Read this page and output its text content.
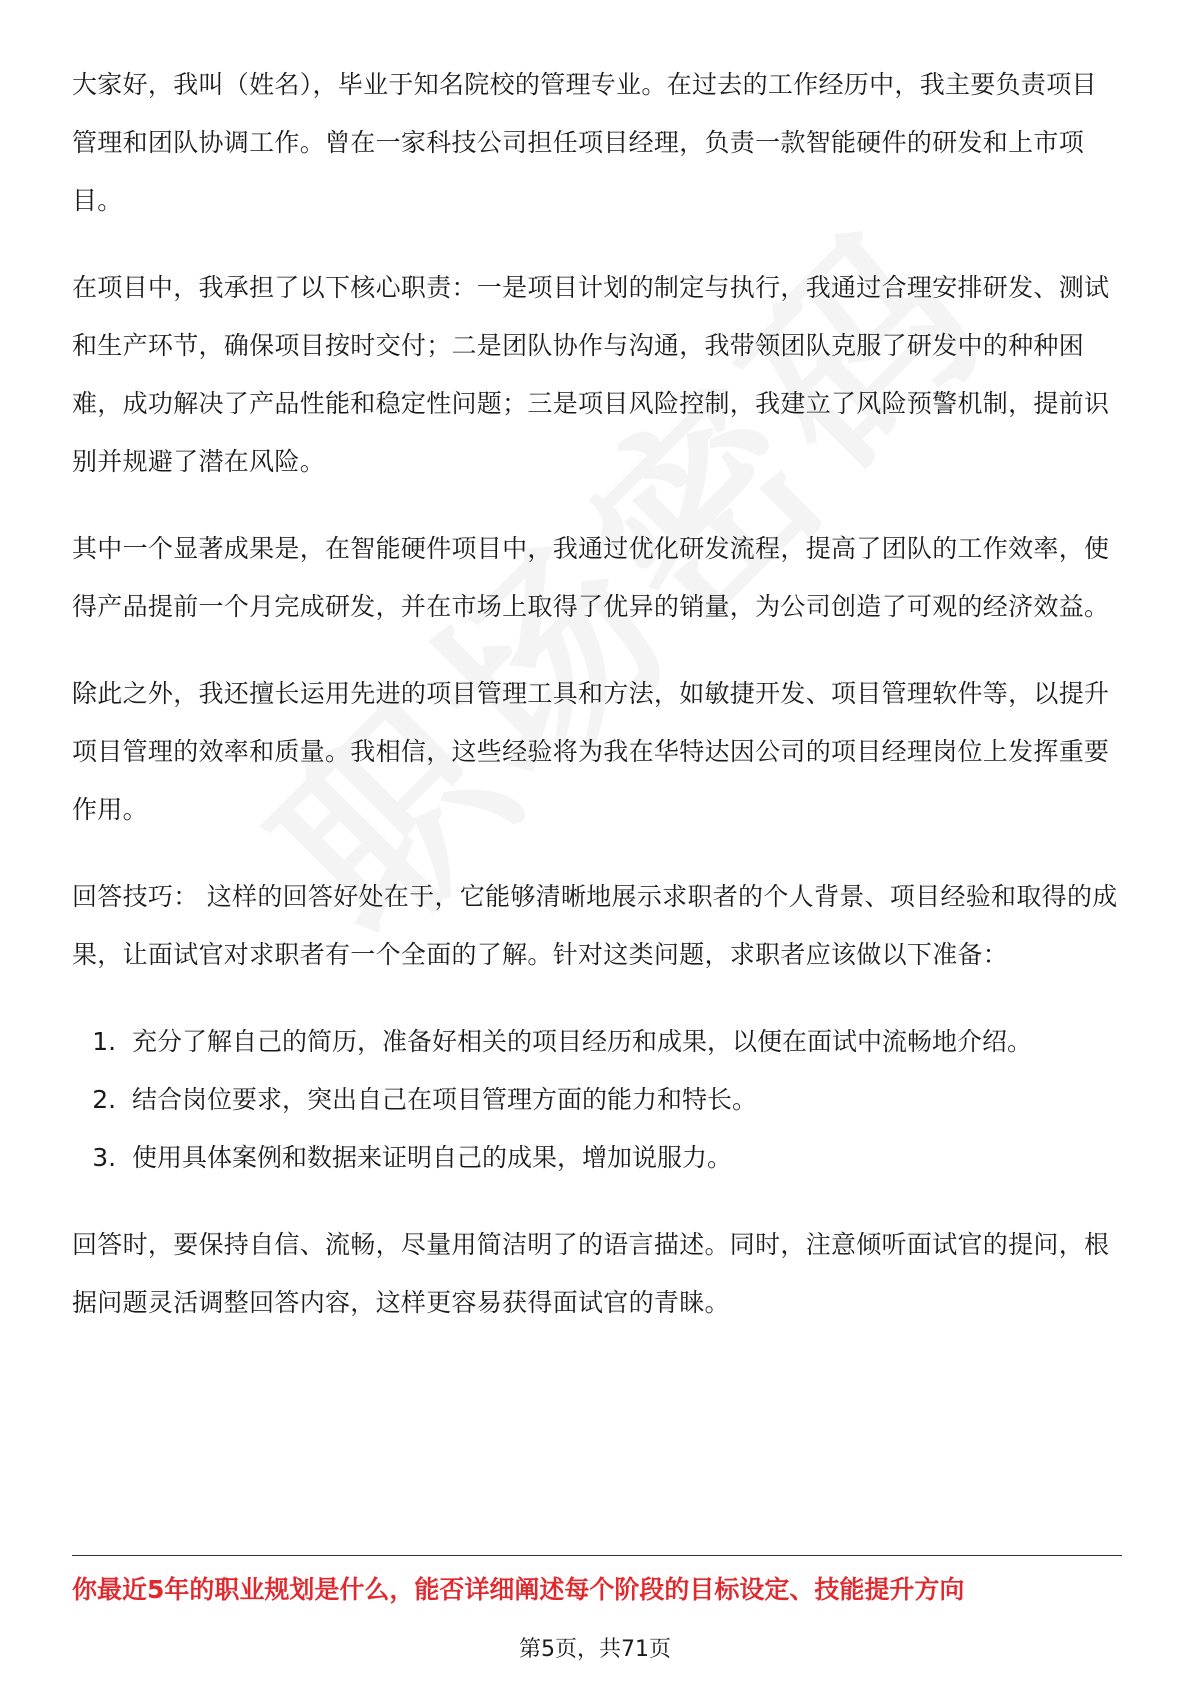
大家好，我叫（姓名），毕业于知名院校的管理专业。在过去的工作经历中，我主要负责项目管理和团队协调工作。曾在一家科技公司担任项目经理，负责一款智能硬件的研发和上市项目。

在项目中，我承担了以下核心职责：一是项目计划的制定与执行，我通过合理安排研发、测试和生产环节，确保项目按时交付；二是团队协作与沟通，我带领团队克服了研发中的种种困难，成功解决了产品性能和稳定性问题；三是项目风险控制，我建立了风险预警机制，提前识别并规避了潜在风险。

其中一个显著成果是，在智能硬件项目中，我通过优化研发流程，提高了团队的工作效率，使得产品提前一个月完成研发，并在市场上取得了优异的销量，为公司创造了可观的经济效益。

除此之外，我还擅长运用先进的项目管理工具和方法，如敏捷开发、项目管理软件等，以提升项目管理的效率和质量。我相信，这些经验将为我在华特达因公司的项目经理岗位上发挥重要作用。

回答技巧： 这样的回答好处在于，它能够清晰地展示求职者的个人背景、项目经验和取得的成果，让面试官对求职者有一个全面的了解。针对这类问题，求职者应该做以下准备：

1. 充分了解自己的简历，准备好相关的项目经历和成果，以便在面试中流畅地介绍。
2. 结合岗位要求，突出自己在项目管理方面的能力和特长。
3. 使用具体案例和数据来证明自己的成果，增加说服力。

回答时，要保持自信、流畅，尽量用简洁明了的语言描述。同时，注意倾听面试官的提问，根据问题灵活调整回答内容，这样更容易获得面试官的青睐。

你最近5年的职业规划是什么，能否详细阐述每个阶段的目标设定、技能提升方向
第5页，共71页
